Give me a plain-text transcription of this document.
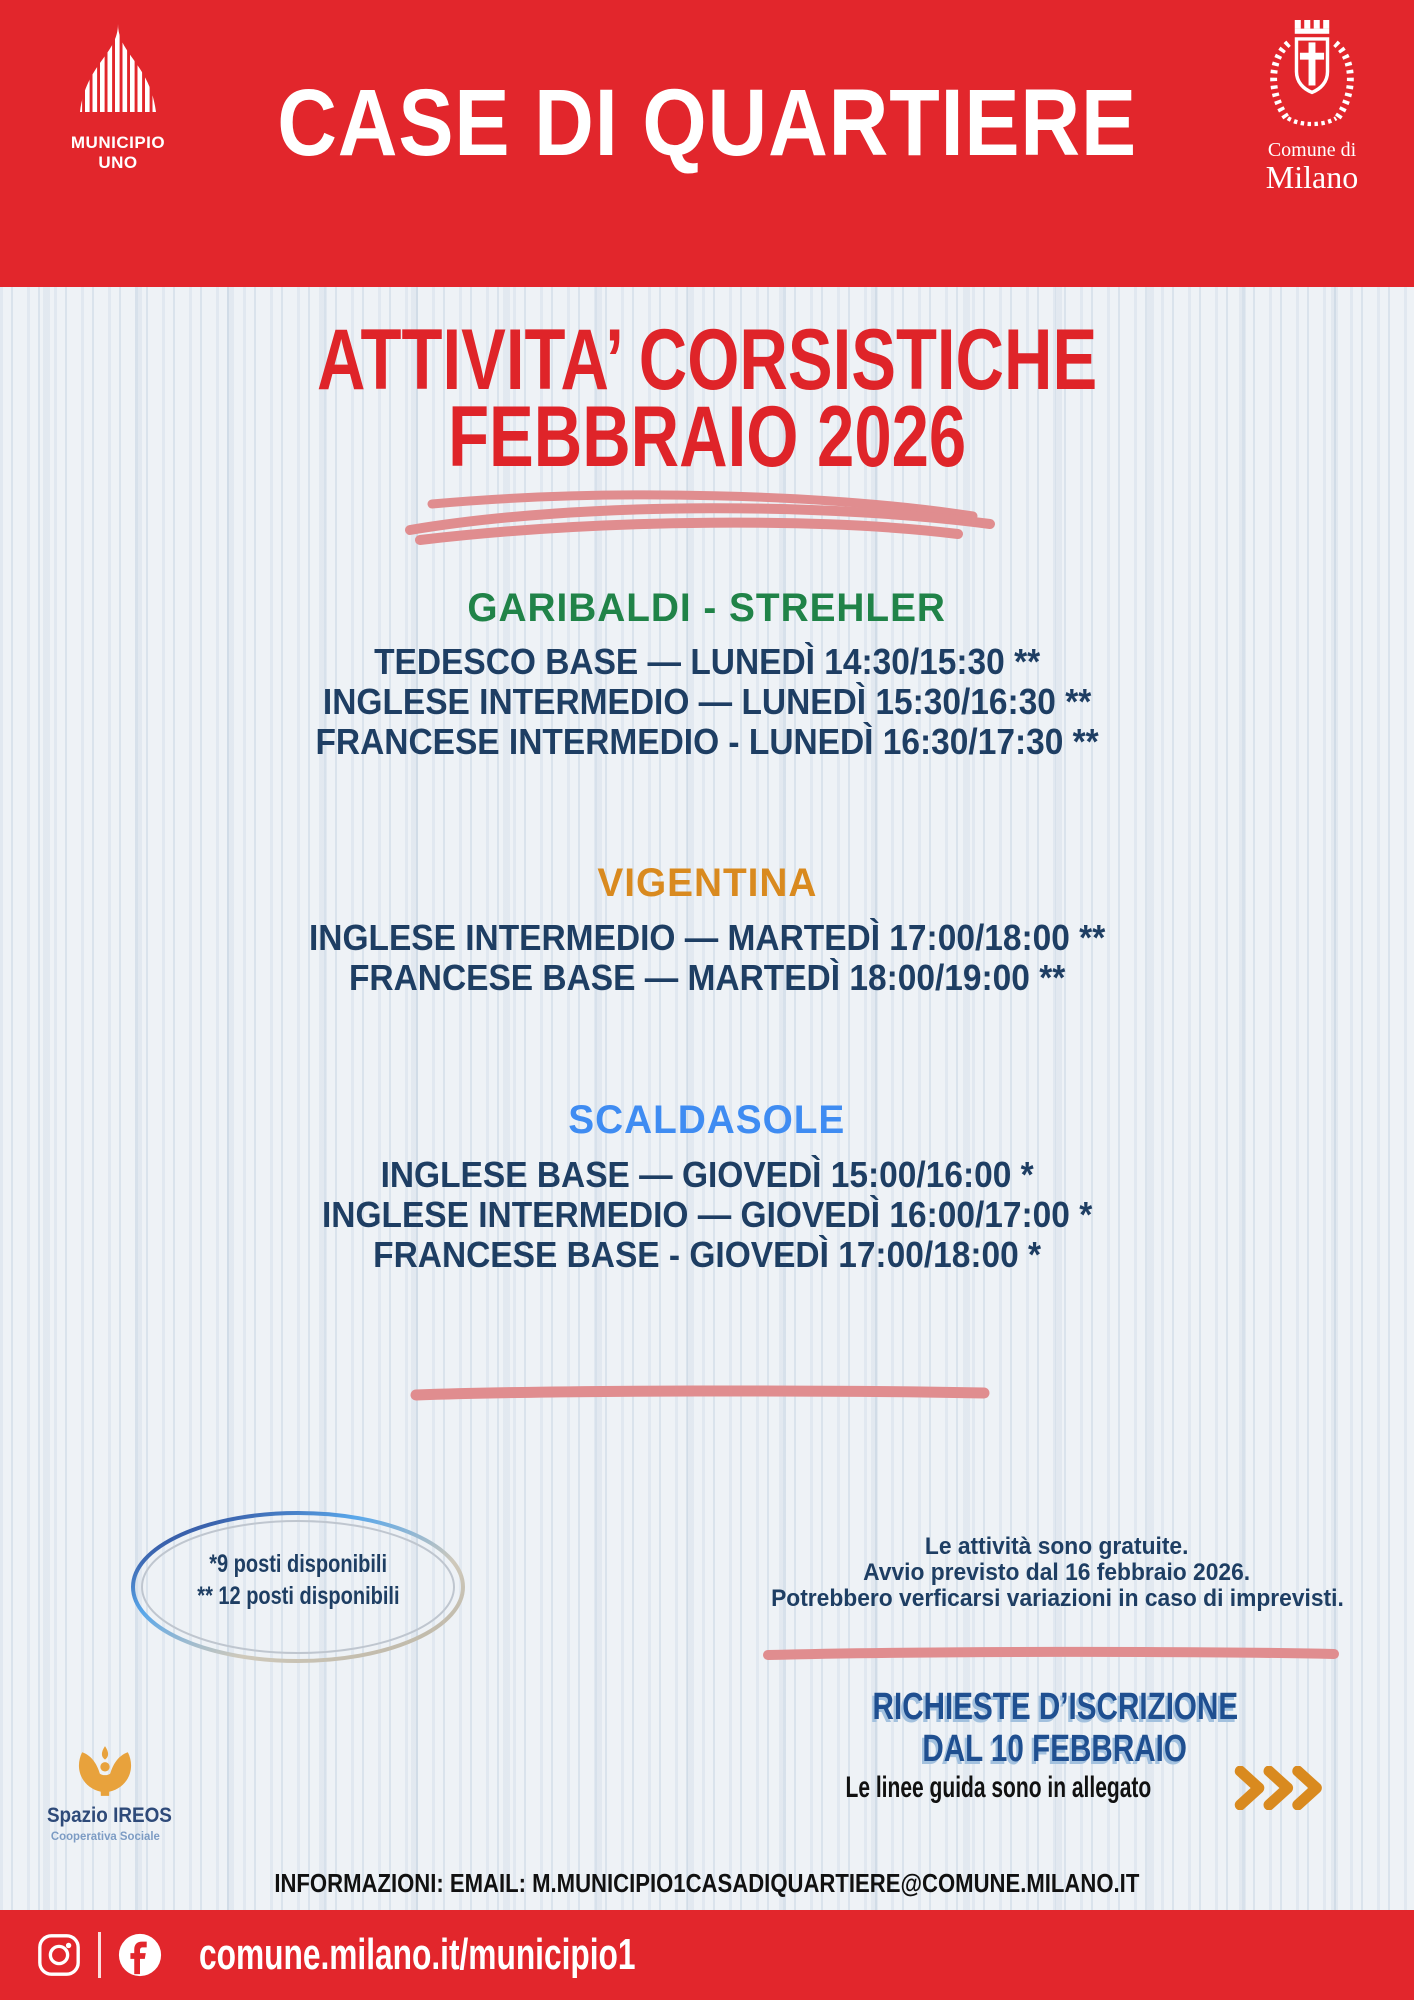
MUNICIPIO UNO	CASE DI QUARTIERE	Comune di
Milano
ATTIVITA’ CORSISTICHE
FEBBRAIO 2026
GARIBALDI - STREHLER
TEDESCO BASE — LUNEDÌ 14:30/15:30 **
INGLESE INTERMEDIO — LUNEDÌ 15:30/16:30 **
FRANCESE INTERMEDIO - LUNEDÌ 16:30/17:30 **
VIGENTINA
INGLESE INTERMEDIO — MARTEDÌ 17:00/18:00 **
FRANCESE BASE — MARTEDÌ 18:00/19:00 **
SCALDASOLE
INGLESE BASE — GIOVEDÌ 15:00/16:00 *
INGLESE INTERMEDIO — GIOVEDÌ 16:00/17:00 *
FRANCESE BASE - GIOVEDÌ 17:00/18:00 *
*9 posti disponibili
** 12 posti disponibili
Le attività sono gratuite.
Avvio previsto dal 16 febbraio 2026.
Potrebbero verficarsi variazioni in caso di imprevisti.
RICHIESTE D’ISCRIZIONE
DAL 10 FEBBRAIO
Le linee guida sono in allegato
Spazio IREOS
Cooperativa Sociale
INFORMAZIONI: EMAIL: M.MUNICIPIO1CASADIQUARTIERE@COMUNE.MILANO.IT
comune.milano.it/municipio1
